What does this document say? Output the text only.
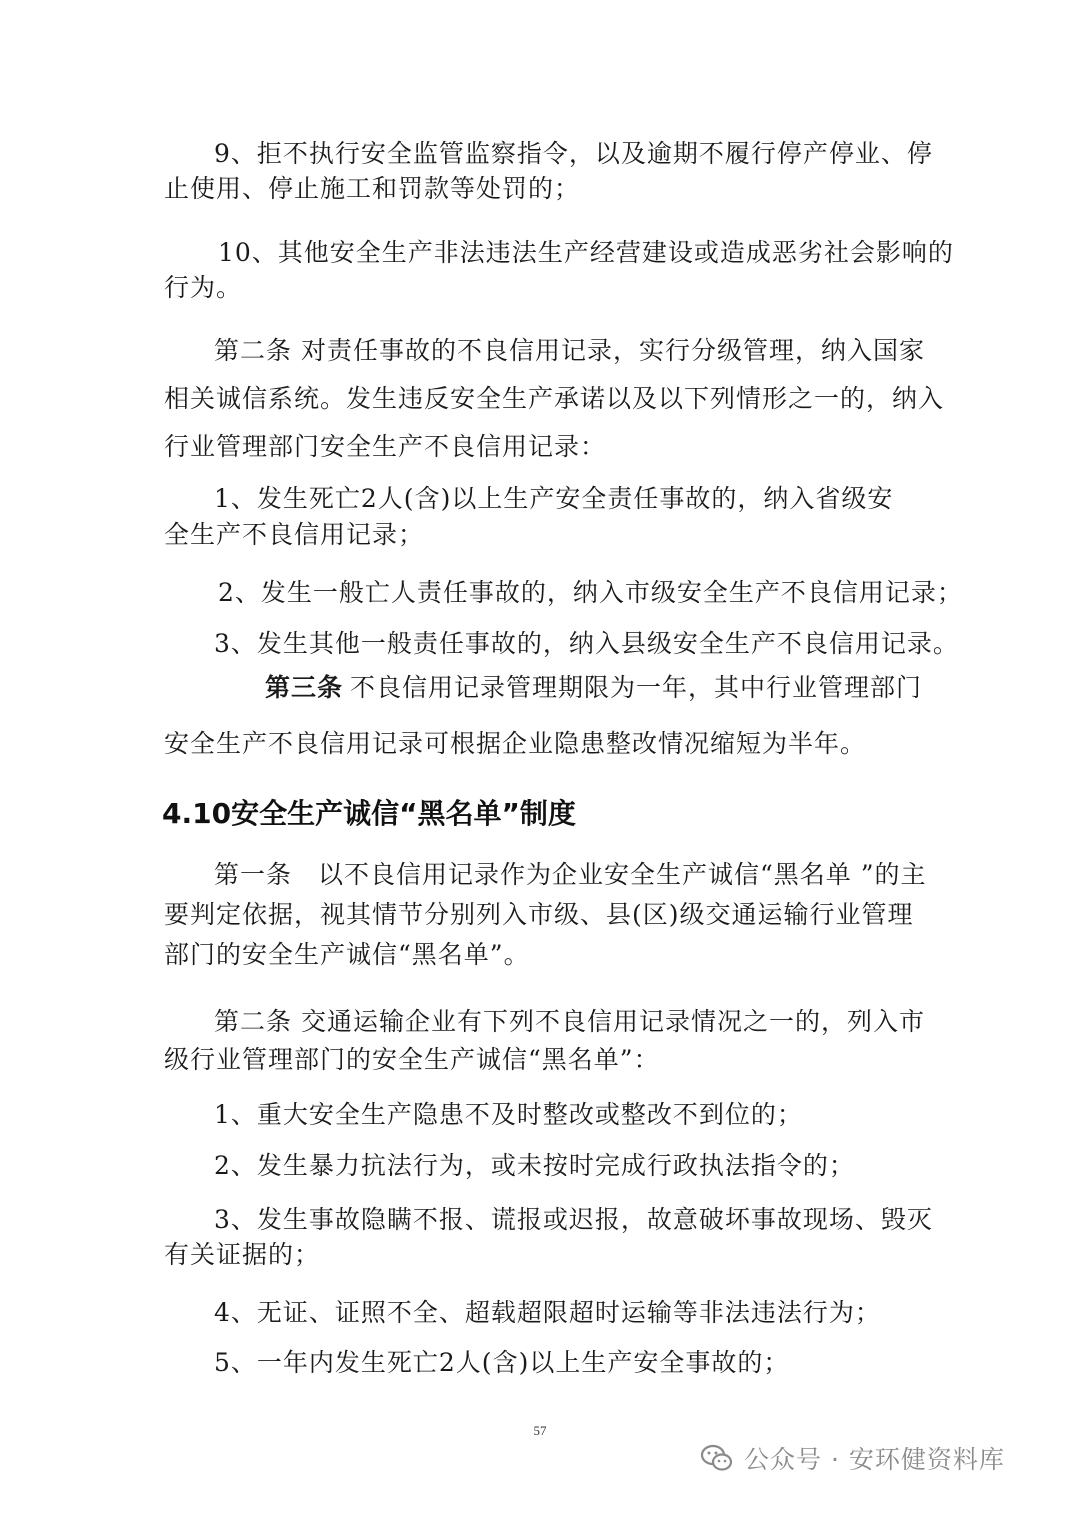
9、拒不执行安全监管监察指令，以及逾期不履行停产停业、停
止使用、停止施工和罚款等处罚的；
10、其他安全生产非法违法生产经营建设或造成恶劣社会影响的
行为。
第二条 对责任事故的不良信用记录，实行分级管理，纳入国家
相关诚信系统。发生违反安全生产承诺以及以下列情形之一的，纳入
行业管理部门安全生产不良信用记录：
1、发生死亡2人(含)以上生产安全责任事故的，纳入省级安
全生产不良信用记录；
2、发生一般亡人责任事故的，纳入市级安全生产不良信用记录；
3、发生其他一般责任事故的，纳入县级安全生产不良信用记录。
第三条 不良信用记录管理期限为一年，其中行业管理部门
安全生产不良信用记录可根据企业隐患整改情况缩短为半年。
4.10安全生产诚信“黑名单”制度
第一条　以不良信用记录作为企业安全生产诚信“黑名单 ”的主
要判定依据，视其情节分别列入市级、县(区)级交通运输行业管理
部门的安全生产诚信“黑名单”。
第二条 交通运输企业有下列不良信用记录情况之一的，列入市
级行业管理部门的安全生产诚信“黑名单”：
1、重大安全生产隐患不及时整改或整改不到位的；
2、发生暴力抗法行为，或未按时完成行政执法指令的；
3、发生事故隐瞒不报、谎报或迟报，故意破坏事故现场、毁灭
有关证据的；
4、无证、证照不全、超载超限超时运输等非法违法行为；
5、一年内发生死亡2人(含)以上生产安全事故的；
57
公众号 · 安环健资料库
